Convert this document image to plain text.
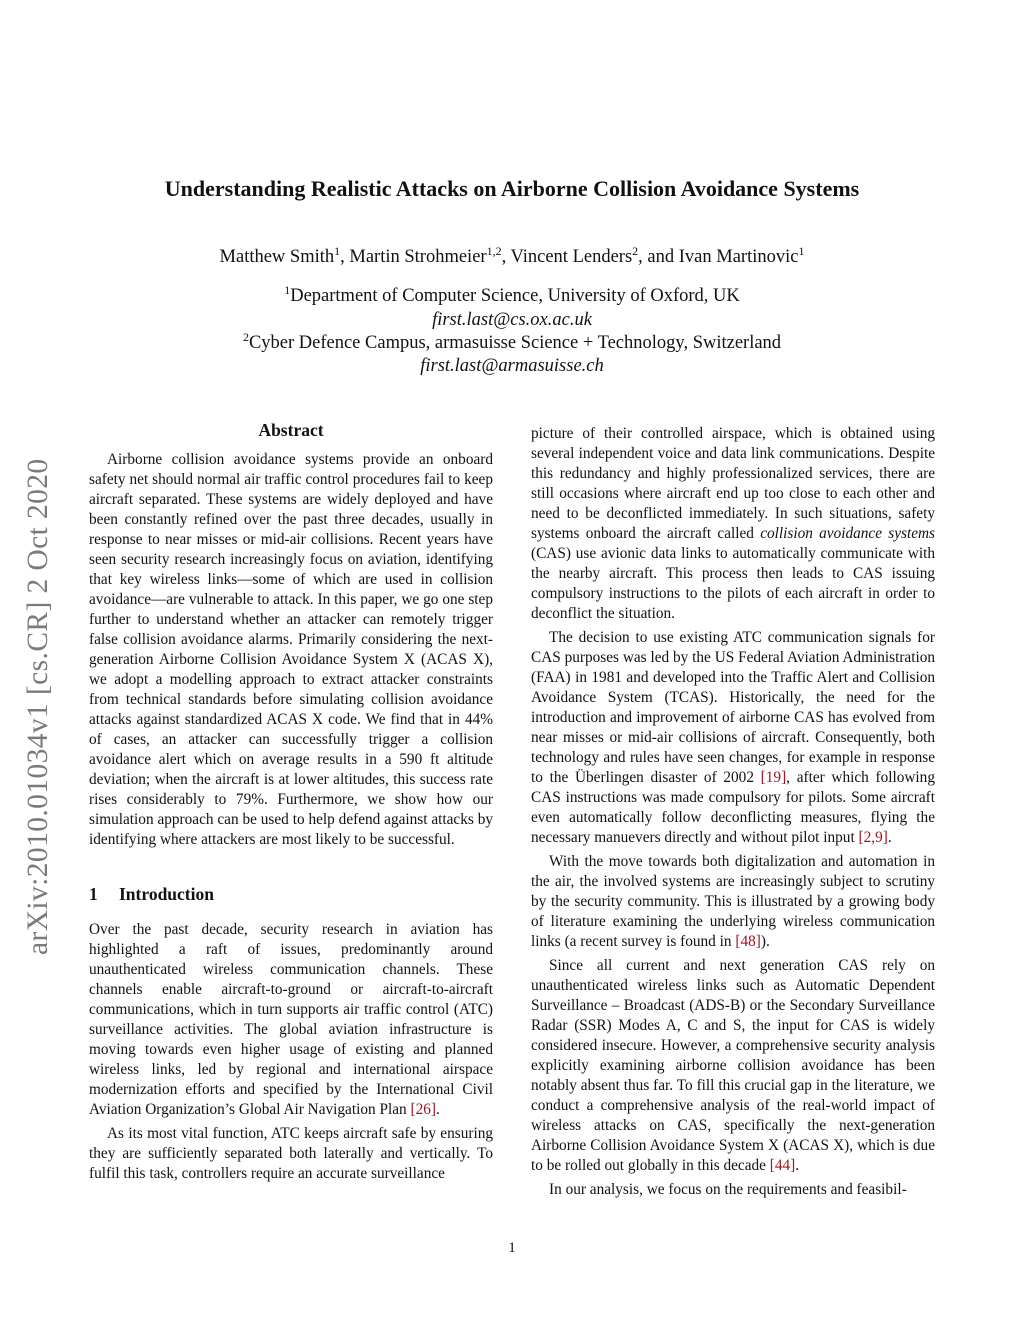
arXiv:2010.01034v1 [cs.CR] 2 Oct 2020
Understanding Realistic Attacks on Airborne Collision Avoidance Systems
Matthew Smith$^1$, Martin Strohmeier$^{1,2}$, Vincent Lenders$^2$, and Ivan Martinovic$^1$
$^1$Department of Computer Science, University of Oxford, UK
first.last@cs.ox.ac.uk
$^2$Cyber Defence Campus, armasuisse Science + Technology, Switzerland
first.last@armasuisse.ch
Abstract

Airborne collision avoidance systems provide an onboard safety net should normal air traffic control procedures fail to keep aircraft separated. These systems are widely deployed and have been constantly refined over the past three decades, usually in response to near misses or mid-air collisions. Recent years have seen security research increasingly focus on aviation, identifying that key wireless links—some of which are used in collision avoidance—are vulnerable to attack. In this paper, we go one step further to understand whether an attacker can remotely trigger false collision avoidance alarms. Primarily considering the next-generation Airborne Collision Avoidance System X (ACAS X), we adopt a modelling approach to extract attacker constraints from technical standards before simulating collision avoidance attacks against standardized ACAS X code. We find that in 44% of cases, an attacker can successfully trigger a collision avoidance alert which on average results in a 590 ft altitude deviation; when the aircraft is at lower altitudes, this success rate rises considerably to 79%. Furthermore, we show how our simulation approach can be used to help defend against attacks by identifying where attackers are most likely to be successful.

1 Introduction

Over the past decade, security research in aviation has highlighted a raft of issues, predominantly around unauthenticated wireless communication channels. These channels enable aircraft-to-ground or aircraft-to-aircraft communications, which in turn supports air traffic control (ATC) surveillance activities. The global aviation infrastructure is moving towards even higher usage of existing and planned wireless links, led by regional and international airspace modernization efforts and specified by the International Civil Aviation Organization’s Global Air Navigation Plan [26].

As its most vital function, ATC keeps aircraft safe by ensuring they are sufficiently separated both laterally and vertically. To fulfil this task, controllers require an accurate surveillance

picture of their controlled airspace, which is obtained using several independent voice and data link communications. Despite this redundancy and highly professionalized services, there are still occasions where aircraft end up too close to each other and need to be deconflicted immediately. In such situations, safety systems onboard the aircraft called collision avoidance systems (CAS) use avionic data links to automatically communicate with the nearby aircraft. This process then leads to CAS issuing compulsory instructions to the pilots of each aircraft in order to deconflict the situation.

The decision to use existing ATC communication signals for CAS purposes was led by the US Federal Aviation Administration (FAA) in 1981 and developed into the Traffic Alert and Collision Avoidance System (TCAS). Historically, the need for the introduction and improvement of airborne CAS has evolved from near misses or mid-air collisions of aircraft. Consequently, both technology and rules have seen changes, for example in response to the Überlingen disaster of 2002 [19], after which following CAS instructions was made compulsory for pilots. Some aircraft even automatically follow deconflicting measures, flying the necessary manuevers directly and without pilot input [2,9].

With the move towards both digitalization and automation in the air, the involved systems are increasingly subject to scrutiny by the security community. This is illustrated by a growing body of literature examining the underlying wireless communication links (a recent survey is found in [48]).

Since all current and next generation CAS rely on unauthenticated wireless links such as Automatic Dependent Surveillance – Broadcast (ADS-B) or the Secondary Surveillance Radar (SSR) Modes A, C and S, the input for CAS is widely considered insecure. However, a comprehensive security analysis explicitly examining airborne collision avoidance has been notably absent thus far. To fill this crucial gap in the literature, we conduct a comprehensive analysis of the real-world impact of wireless attacks on CAS, specifically the next-generation Airborne Collision Avoidance System X (ACAS X), which is due to be rolled out globally in this decade [44].

In our analysis, we focus on the requirements and feasibil-

1
